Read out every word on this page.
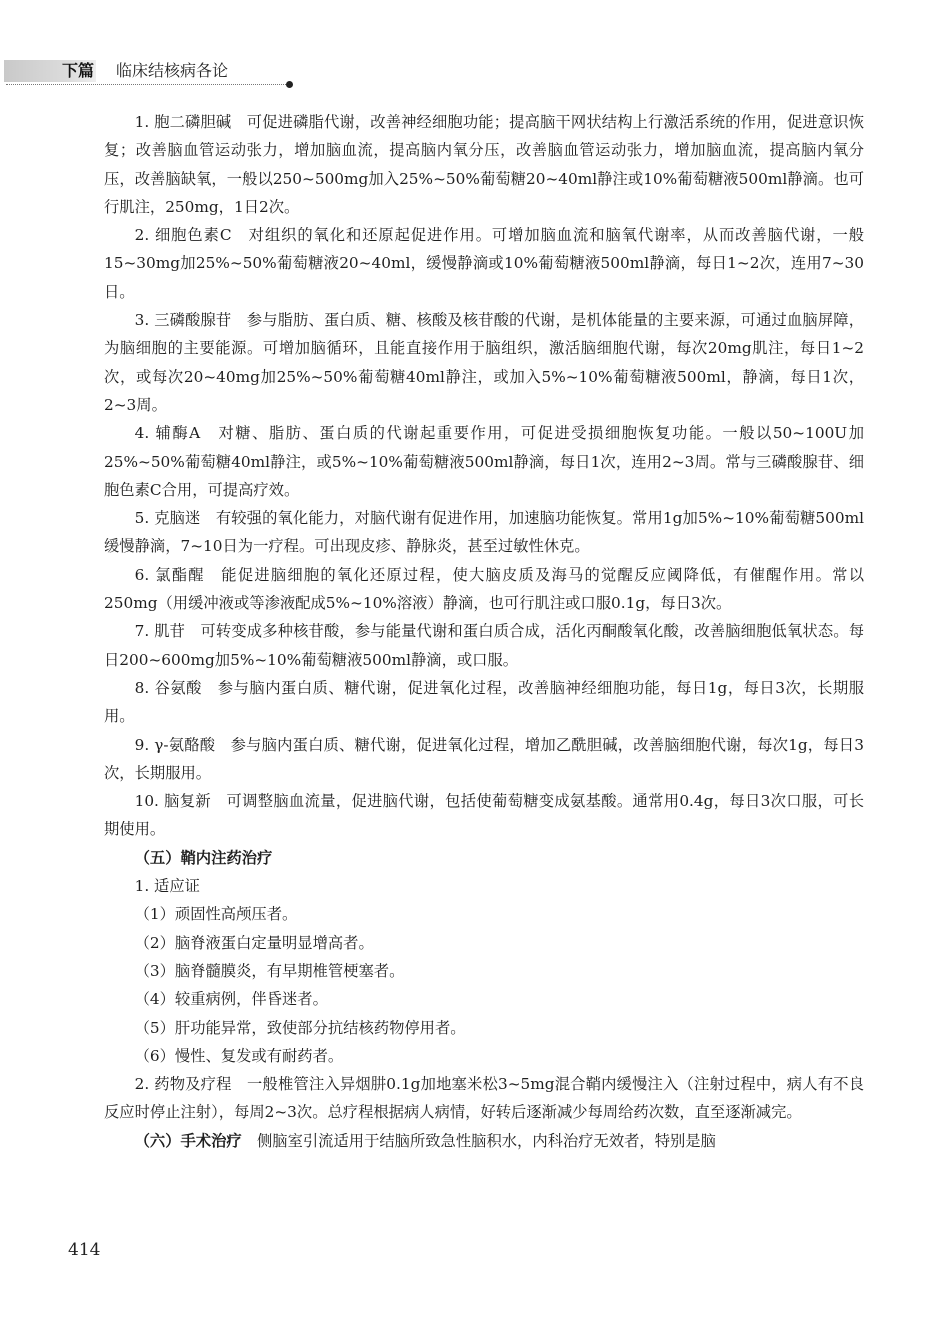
下篇 临床结核病各论

1. 胞二磷胆碱　可促进磷脂代谢，改善神经细胞功能；提高脑干网状结构上行激活系统的作用，促进意识恢复；改善脑血管运动张力，增加脑血流，提高脑内氧分压，改善脑血管运动张力，增加脑血流，提高脑内氧分压，改善脑缺氧，一般以250~500mg加入25%~50%葡萄糖20~40ml静注或10%葡萄糖液500ml静滴。也可行肌注，250mg，1日2次。

2. 细胞色素C　对组织的氧化和还原起促进作用。可增加脑血流和脑氧代谢率，从而改善脑代谢，一般15~30mg加25%~50%葡萄糖液20~40ml，缓慢静滴或10%葡萄糖液500ml静滴，每日1~2次，连用7~30日。

3. 三磷酸腺苷　参与脂肪、蛋白质、糖、核酸及核苷酸的代谢，是机体能量的主要来源，可通过血脑屏障，为脑细胞的主要能源。可增加脑循环，且能直接作用于脑组织，激活脑细胞代谢，每次20mg肌注，每日1~2次，或每次20~40mg加25%~50%葡萄糖40ml静注，或加入5%~10%葡萄糖液500ml，静滴，每日1次，2~3周。

4. 辅酶A　对糖、脂肪、蛋白质的代谢起重要作用，可促进受损细胞恢复功能。一般以50~100U加25%~50%葡萄糖40ml静注，或5%~10%葡萄糖液500ml静滴，每日1次，连用2~3周。常与三磷酸腺苷、细胞色素C合用，可提高疗效。

5. 克脑迷　有较强的氧化能力，对脑代谢有促进作用，加速脑功能恢复。常用1g加5%~10%葡萄糖500ml缓慢静滴，7~10日为一疗程。可出现皮疹、静脉炎，甚至过敏性休克。

6. 氯酯醒　能促进脑细胞的氧化还原过程，使大脑皮质及海马的觉醒反应阈降低，有催醒作用。常以250mg（用缓冲液或等渗液配成5%~10%溶液）静滴，也可行肌注或口服0.1g，每日3次。

7. 肌苷　可转变成多种核苷酸，参与能量代谢和蛋白质合成，活化丙酮酸氧化酸，改善脑细胞低氧状态。每日200~600mg加5%~10%葡萄糖液500ml静滴，或口服。

8. 谷氨酸　参与脑内蛋白质、糖代谢，促进氧化过程，改善脑神经细胞功能，每日1g，每日3次，长期服用。

9. γ-氨酪酸　参与脑内蛋白质、糖代谢，促进氧化过程，增加乙酰胆碱，改善脑细胞代谢，每次1g，每日3次，长期服用。

10. 脑复新　可调整脑血流量，促进脑代谢，包括使葡萄糖变成氨基酸。通常用0.4g，每日3次口服，可长期使用。

（五）鞘内注药治疗

1. 适应证

（1）顽固性高颅压者。

（2）脑脊液蛋白定量明显增高者。

（3）脑脊髓膜炎，有早期椎管梗塞者。

（4）较重病例，伴昏迷者。

（5）肝功能异常，致使部分抗结核药物停用者。

（6）慢性、复发或有耐药者。

2. 药物及疗程　一般椎管注入异烟肼0.1g加地塞米松3~5mg混合鞘内缓慢注入（注射过程中，病人有不良反应时停止注射），每周2~3次。总疗程根据病人病情，好转后逐渐减少每周给药次数，直至逐渐减完。

（六）手术治疗　侧脑室引流适用于结脑所致急性脑积水，内科治疗无效者，特别是脑

414
